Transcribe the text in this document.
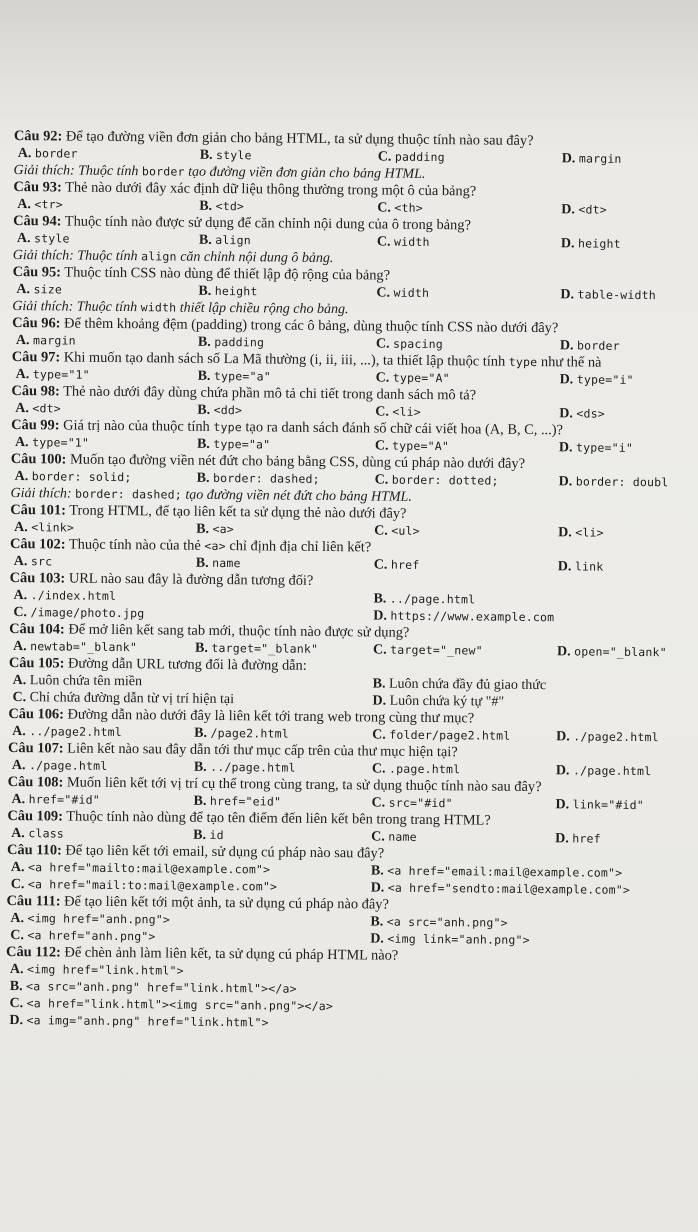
Câu 92: Để tạo đường viền đơn giản cho bảng HTML, ta sử dụng thuộc tính nào sau đây?
A. border	B. style	C. padding	D. margin
Giải thích: Thuộc tính border tạo đường viền đơn giản cho bảng HTML.
Câu 93: Thẻ nào dưới đây xác định dữ liệu thông thường trong một ô của bảng?
A. <tr>	B. <td>	C. <th>	D. <dt>
Câu 94: Thuộc tính nào được sử dụng để căn chỉnh nội dung của ô trong bảng?
A. style	B. align	C. width	D. height
Giải thích: Thuộc tính align căn chỉnh nội dung ô bảng.
Câu 95: Thuộc tính CSS nào dùng để thiết lập độ rộng của bảng?
A. size	B. height	C. width	D. table-width
Giải thích: Thuộc tính width thiết lập chiều rộng cho bảng.
Câu 96: Để thêm khoảng đệm (padding) trong các ô bảng, dùng thuộc tính CSS nào dưới đây?
A. margin	B. padding	C. spacing	D. border
Câu 97: Khi muốn tạo danh sách số La Mã thường (i, ii, iii, ...), ta thiết lập thuộc tính type như thế nà
A. type="1"	B. type="a"	C. type="A"	D. type="i"
Câu 98: Thẻ nào dưới đây dùng chứa phần mô tả chi tiết trong danh sách mô tả?
A. <dt>	B. <dd>	C. <li>	D. <ds>
Câu 99: Giá trị nào của thuộc tính type tạo ra danh sách đánh số chữ cái viết hoa (A, B, C, ...)?
A. type="1"	B. type="a"	C. type="A"	D. type="i"
Câu 100: Muốn tạo đường viền nét đứt cho bảng bằng CSS, dùng cú pháp nào dưới đây?
A. border: solid;	B. border: dashed;	C. border: dotted;	D. border: doubl
Giải thích: border: dashed; tạo đường viền nét đứt cho bảng HTML.
Câu 101: Trong HTML, để tạo liên kết ta sử dụng thẻ nào dưới đây?
A. <link>	B. <a>	C. <ul>	D. <li>
Câu 102: Thuộc tính nào của thẻ <a> chỉ định địa chỉ liên kết?
A. src	B. name	C. href	D. link
Câu 103: URL nào sau đây là đường dẫn tương đối?
A. ./index.html	B. ../page.html
C. /image/photo.jpg	D. https://www.example.com
Câu 104: Để mở liên kết sang tab mới, thuộc tính nào được sử dụng?
A. newtab="_blank"	B. target="_blank"	C. target="_new"	D. open="_blank"
Câu 105: Đường dẫn URL tương đối là đường dẫn:
A. Luôn chứa tên miền	B. Luôn chứa đầy đủ giao thức
C. Chỉ chứa đường dẫn từ vị trí hiện tại	D. Luôn chứa ký tự "#"
Câu 106: Đường dẫn nào dưới đây là liên kết tới trang web trong cùng thư mục?
A. ../page2.html	B. /page2.html	C. folder/page2.html	D. ./page2.html
Câu 107: Liên kết nào sau đây dẫn tới thư mục cấp trên của thư mục hiện tại?
A. ./page.html	B. ../page.html	C. .page.html	D. ./page.html
Câu 108: Muốn liên kết tới vị trí cụ thể trong cùng trang, ta sử dụng thuộc tính nào sau đây?
A. href="#id"	B. href="eid"	C. src="#id"	D. link="#id"
Câu 109: Thuộc tính nào dùng để tạo tên điểm đến liên kết bên trong trang HTML?
A. class	B. id	C. name	D. href
Câu 110: Để tạo liên kết tới email, sử dụng cú pháp nào sau đây?
A. <a href="mailto:mail@example.com">	B. <a href="email:mail@example.com">
C. <a href="mail:to:mail@example.com">	D. <a href="sendto:mail@example.com">
Câu 111: Để tạo liên kết tới một ảnh, ta sử dụng cú pháp nào đây?
A. <img href="anh.png">	B. <a src="anh.png">
C. <a href="anh.png">	D. <img link="anh.png">
Câu 112: Để chèn ảnh làm liên kết, ta sử dụng cú pháp HTML nào?
A. <img href="link.html">
B. <a src="anh.png" href="link.html"></a>
C. <a href="link.html"><img src="anh.png"></a>
D. <a img="anh.png" href="link.html">
